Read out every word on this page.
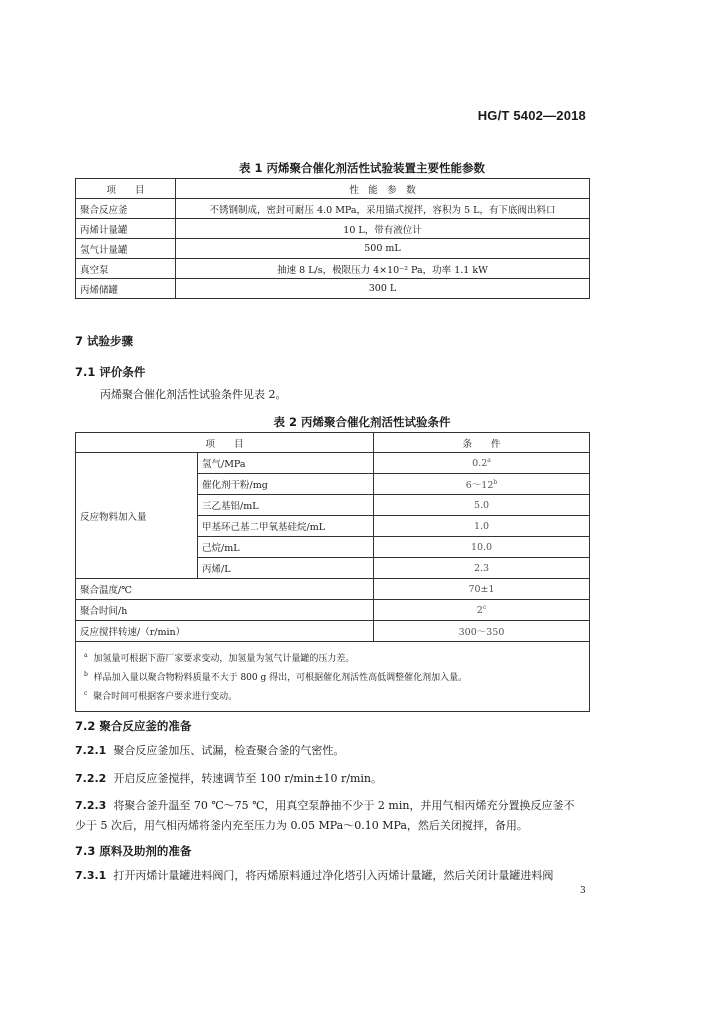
HG/T 5402—2018
表 1 丙烯聚合催化剂活性试验装置主要性能参数
项　　目	性　能　参　数
聚合反应釜	不锈钢制成，密封可耐压 4.0 MPa，采用锚式搅拌，容积为 5 L，有下底阀出料口
丙烯计量罐	10 L，带有液位计
氢气计量罐	500 mL
真空泵	抽速 8 L/s，极限压力 4×10⁻² Pa，功率 1.1 kW
丙烯储罐	300 L
7 试验步骤
7.1 评价条件
丙烯聚合催化剂活性试验条件见表 2。
表 2 丙烯聚合催化剂活性试验条件
项　　目		条　　件
反应物料加入量	氢气/MPa	0.2$^a$
	催化剂干粉/mg	6～12$^b$
	三乙基铝/mL	5.0
	甲基环己基二甲氧基硅烷/mL	1.0
	己烷/mL	10.0
	丙烯/L	2.3
聚合温度/℃		70±1
聚合时间/h		2$^c$
反应搅拌转速/（r/min）		300～350

$^a$ 加氢量可根据下游厂家要求变动，加氢量为氢气计量罐的压力差。
$^b$ 样品加入量以聚合物粉料质量不大于 800 g 得出，可根据催化剂活性高低调整催化剂加入量。
$^c$ 聚合时间可根据客户要求进行变动。		
7.2 聚合反应釜的准备
7.2.1 聚合反应釜加压、试漏，检查聚合釜的气密性。
7.2.2 开启反应釜搅拌，转速调节至 100 r/min±10 r/min。
7.2.3 将聚合釜升温至 70 ℃～75 ℃，用真空泵静抽不少于 2 min，并用气相丙烯充分置换反应釜不
少于 5 次后，用气相丙烯将釜内充至压力为 0.05 MPa～0.10 MPa，然后关闭搅拌，备用。
7.3 原料及助剂的准备
7.3.1 打开丙烯计量罐进料阀门，将丙烯原料通过净化塔引入丙烯计量罐，然后关闭计量罐进料阀
3
